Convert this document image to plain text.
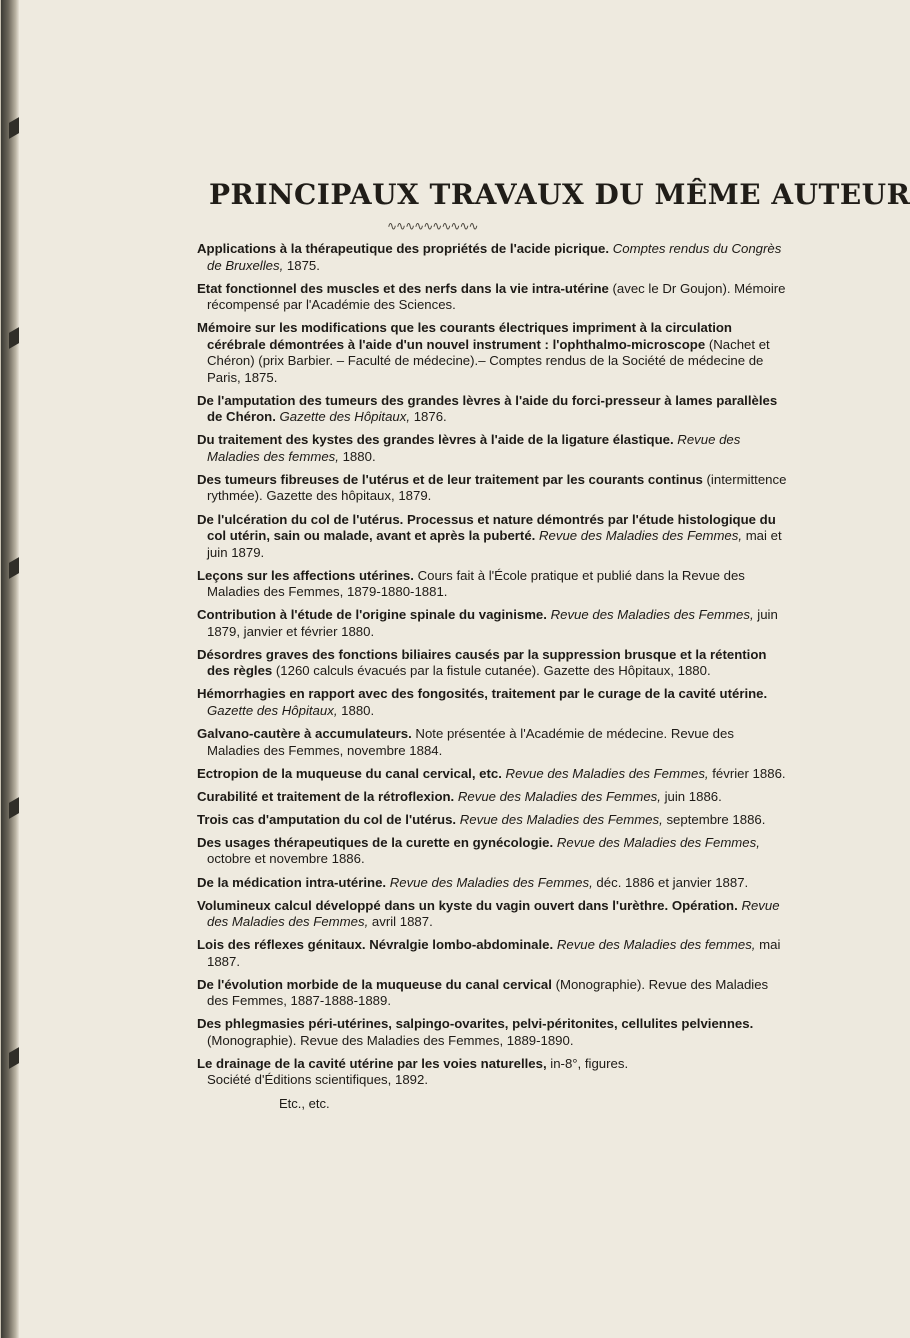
PRINCIPAUX TRAVAUX DU MÊME AUTEUR
∿∿∿∿∿∿∿∿∿∿

Applications à la thérapeutique des propriétés de l'acide picrique. Comptes rendus du Congrès de Bruxelles, 1875.

Etat fonctionnel des muscles et des nerfs dans la vie intra-utérine (avec le Dr Goujon). Mémoire récompensé par l'Académie des Sciences.

Mémoire sur les modifications que les courants électriques impriment à la circulation cérébrale démontrées à l'aide d'un nouvel instrument : l'ophthalmo-microscope (Nachet et Chéron) (prix Barbier. – Faculté de médecine).– Comptes rendus de la Société de médecine de Paris, 1875.

De l'amputation des tumeurs des grandes lèvres à l'aide du forci-presseur à lames parallèles de Chéron. Gazette des Hôpitaux, 1876.

Du traitement des kystes des grandes lèvres à l'aide de la ligature élastique. Revue des Maladies des femmes, 1880.

Des tumeurs fibreuses de l'utérus et de leur traitement par les courants continus (intermittence rythmée). Gazette des hôpitaux, 1879.

De l'ulcération du col de l'utérus. Processus et nature démontrés par l'étude histologique du col utérin, sain ou malade, avant et après la puberté. Revue des Maladies des Femmes, mai et juin 1879.

Leçons sur les affections utérines. Cours fait à l'École pratique et publié dans la Revue des Maladies des Femmes, 1879-1880-1881.

Contribution à l'étude de l'origine spinale du vaginisme. Revue des Maladies des Femmes, juin 1879, janvier et février 1880.

Désordres graves des fonctions biliaires causés par la suppression brusque et la rétention des règles (1260 calculs évacués par la fistule cutanée). Gazette des Hôpitaux, 1880.

Hémorrhagies en rapport avec des fongosités, traitement par le curage de la cavité utérine. Gazette des Hôpitaux, 1880.

Galvano-cautère à accumulateurs. Note présentée à l'Académie de médecine. Revue des Maladies des Femmes, novembre 1884.

Ectropion de la muqueuse du canal cervical, etc. Revue des Maladies des Femmes, février 1886.

Curabilité et traitement de la rétroflexion. Revue des Maladies des Femmes, juin 1886.

Trois cas d'amputation du col de l'utérus. Revue des Maladies des Femmes, septembre 1886.

Des usages thérapeutiques de la curette en gynécologie. Revue des Maladies des Femmes, octobre et novembre 1886.

De la médication intra-utérine. Revue des Maladies des Femmes, déc. 1886 et janvier 1887.

Volumineux calcul développé dans un kyste du vagin ouvert dans l'urèthre. Opération. Revue des Maladies des Femmes, avril 1887.

Lois des réflexes génitaux. Névralgie lombo-abdominale. Revue des Maladies des femmes, mai 1887.

De l'évolution morbide de la muqueuse du canal cervical (Monographie). Revue des Maladies des Femmes, 1887-1888-1889.

Des phlegmasies péri-utérines, salpingo-ovarites, pelvi-péritonites, cellulites pelviennes. (Monographie). Revue des Maladies des Femmes, 1889-1890.

Le drainage de la cavité utérine par les voies naturelles, in-8°, figures.
Société d'Éditions scientifiques, 1892.

Etc., etc.
